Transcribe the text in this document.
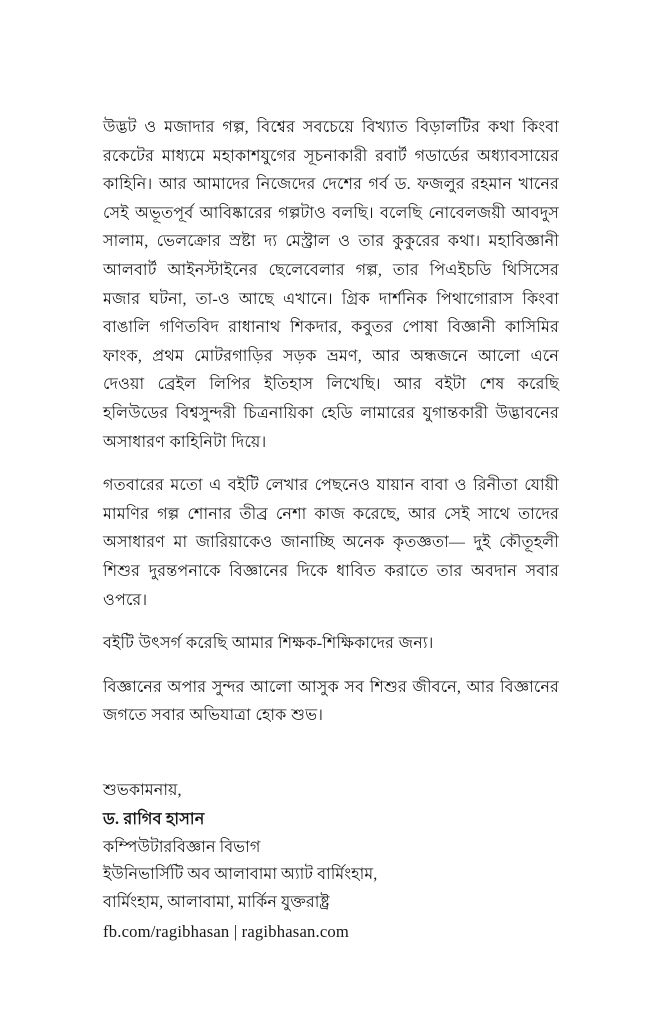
উদ্ভট ও মজাদার গল্প, বিশ্বের সবচেয়ে বিখ্যাত বিড়ালটির কথা কিংবা রকেটের মাধ্যমে মহাকাশযুগের সূচনাকারী রবার্ট গডার্ডের অধ্যাবসায়ের কাহিনি। আর আমাদের নিজেদের দেশের গর্ব ড. ফজলুর রহমান খানের সেই অভূতপূর্ব আবিষ্কারের গল্পটাও বলছি। বলেছি নোবেলজয়ী আবদুস সালাম, ভেলক্রোর স্রষ্টা দ্য মেস্ট্রাল ও তার কুকুরের কথা। মহাবিজ্ঞানী আলবার্ট আইনস্টাইনের ছেলেবেলার গল্প, তার পিএইচডি থিসিসের মজার ঘটনা, তা-ও আছে এখানে। গ্রিক দার্শনিক পিথাগোরাস কিংবা বাঙালি গণিতবিদ রাধানাথ শিকদার, কবুতর পোষা বিজ্ঞানী কাসিমির ফাংক, প্রথম মোটরগাড়ির সড়ক ভ্রমণ, আর অন্ধজনে আলো এনে দেওয়া ব্রেইল লিপির ইতিহাস লিখেছি। আর বইটা শেষ করেছি হলিউডের বিশ্বসুন্দরী চিত্রনায়িকা হেডি লামারের যুগান্তকারী উদ্ভাবনের অসাধারণ কাহিনিটা দিয়ে।

গতবারের মতো এ বইটি লেখার পেছনেও যায়ান বাবা ও রিনীতা যোয়ী মামণির গল্প শোনার তীব্র নেশা কাজ করেছে, আর সেই সাথে তাদের অসাধারণ মা জারিয়াকেও জানাচ্ছি অনেক কৃতজ্ঞতা— দুই কৌতূহলী শিশুর দুরন্তপনাকে বিজ্ঞানের দিকে ধাবিত করাতে তার অবদান সবার ওপরে।

বইটি উৎসর্গ করেছি আমার শিক্ষক-শিক্ষিকাদের জন্য।

বিজ্ঞানের অপার সুন্দর আলো আসুক সব শিশুর জীবনে, আর বিজ্ঞানের জগতে সবার অভিযাত্রা হোক শুভ।

শুভকামনায়,
ড. রাগিব হাসান
কম্পিউটারবিজ্ঞান বিভাগ
ইউনিভার্সিটি অব আলাবামা অ্যাট বার্মিংহাম,
বার্মিংহাম, আলাবামা, মার্কিন যুক্তরাষ্ট্র
fb.com/ragibhasan | ragibhasan.com
